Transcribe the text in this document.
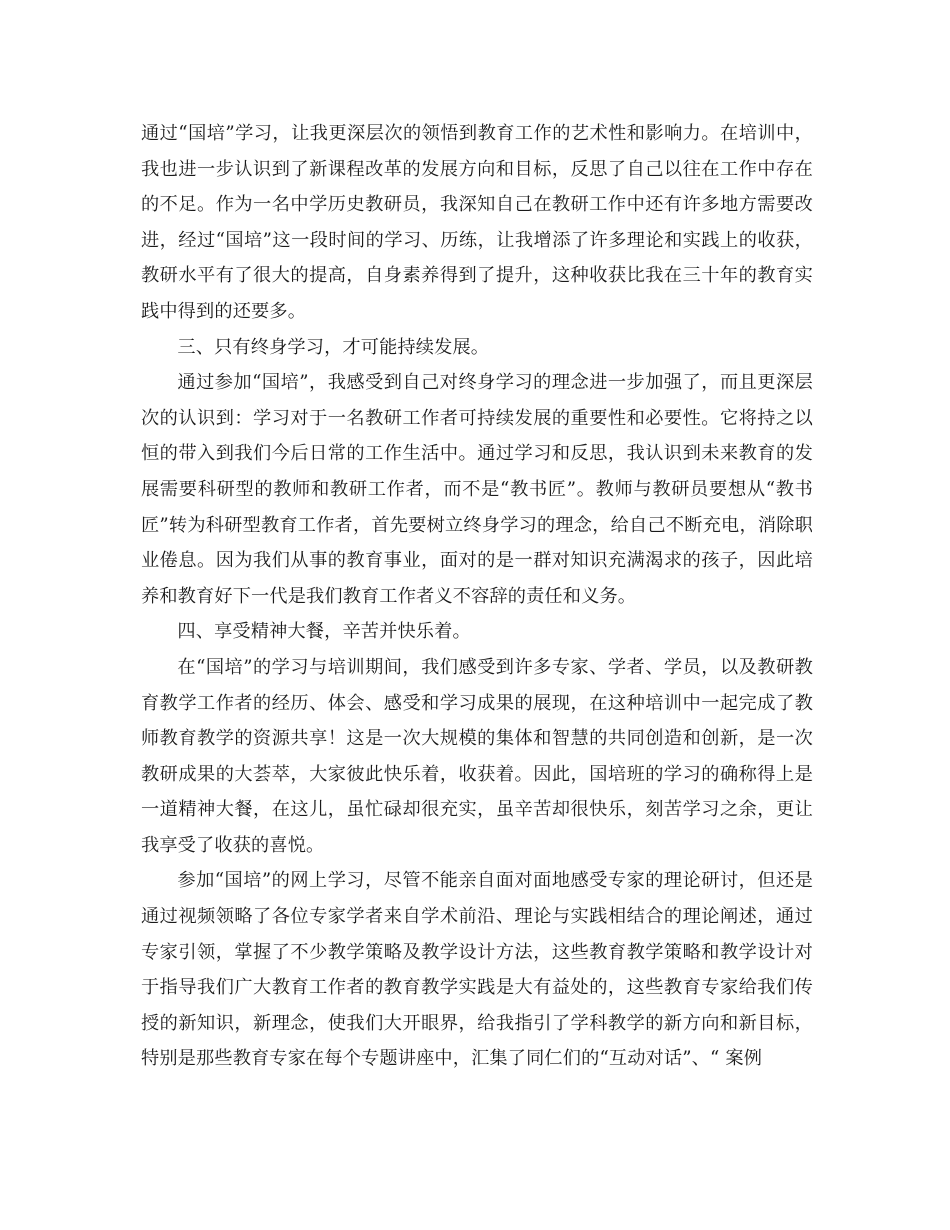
通过“国培”学习，让我更深层次的领悟到教育工作的艺术性和影响力。在培训中，我也进一步认识到了新课程改革的发展方向和目标，反思了自己以往在工作中存在的不足。作为一名中学历史教研员，我深知自己在教研工作中还有许多地方需要改进，经过“国培”这一段时间的学习、历练，让我增添了许多理论和实践上的收获，教研水平有了很大的提高，自身素养得到了提升，这种收获比我在三十年的教育实践中得到的还要多。

三、只有终身学习，才可能持续发展。

通过参加“国培”，我感受到自己对终身学习的理念进一步加强了，而且更深层次的认识到：学习对于一名教研工作者可持续发展的重要性和必要性。它将持之以恒的带入到我们今后日常的工作生活中。通过学习和反思，我认识到未来教育的发展需要科研型的教师和教研工作者，而不是“教书匠”。教师与教研员要想从“教书匠”转为科研型教育工作者，首先要树立终身学习的理念，给自己不断充电，消除职业倦息。因为我们从事的教育事业，面对的是一群对知识充满渴求的孩子，因此培养和教育好下一代是我们教育工作者义不容辞的责任和义务。

四、享受精神大餐，辛苦并快乐着。

在“国培”的学习与培训期间，我们感受到许多专家、学者、学员，以及教研教育教学工作者的经历、体会、感受和学习成果的展现，在这种培训中一起完成了教师教育教学的资源共享！这是一次大规模的集体和智慧的共同创造和创新，是一次教研成果的大荟萃，大家彼此快乐着，收获着。因此，国培班的学习的确称得上是一道精神大餐，在这儿，虽忙碌却很充实，虽辛苦却很快乐，刻苦学习之余，更让我享受了收获的喜悦。

参加“国培”的网上学习，尽管不能亲自面对面地感受专家的理论研讨，但还是通过视频领略了各位专家学者来自学术前沿、理论与实践相结合的理论阐述，通过专家引领，掌握了不少教学策略及教学设计方法，这些教育教学策略和教学设计对于指导我们广大教育工作者的教育教学实践是大有益处的，这些教育专家给我们传授的新知识，新理念，使我们大开眼界，给我指引了学科教学的新方向和新目标，特别是那些教育专家在每个专题讲座中，汇集了同仁们的“互动对话”、“ 案例
